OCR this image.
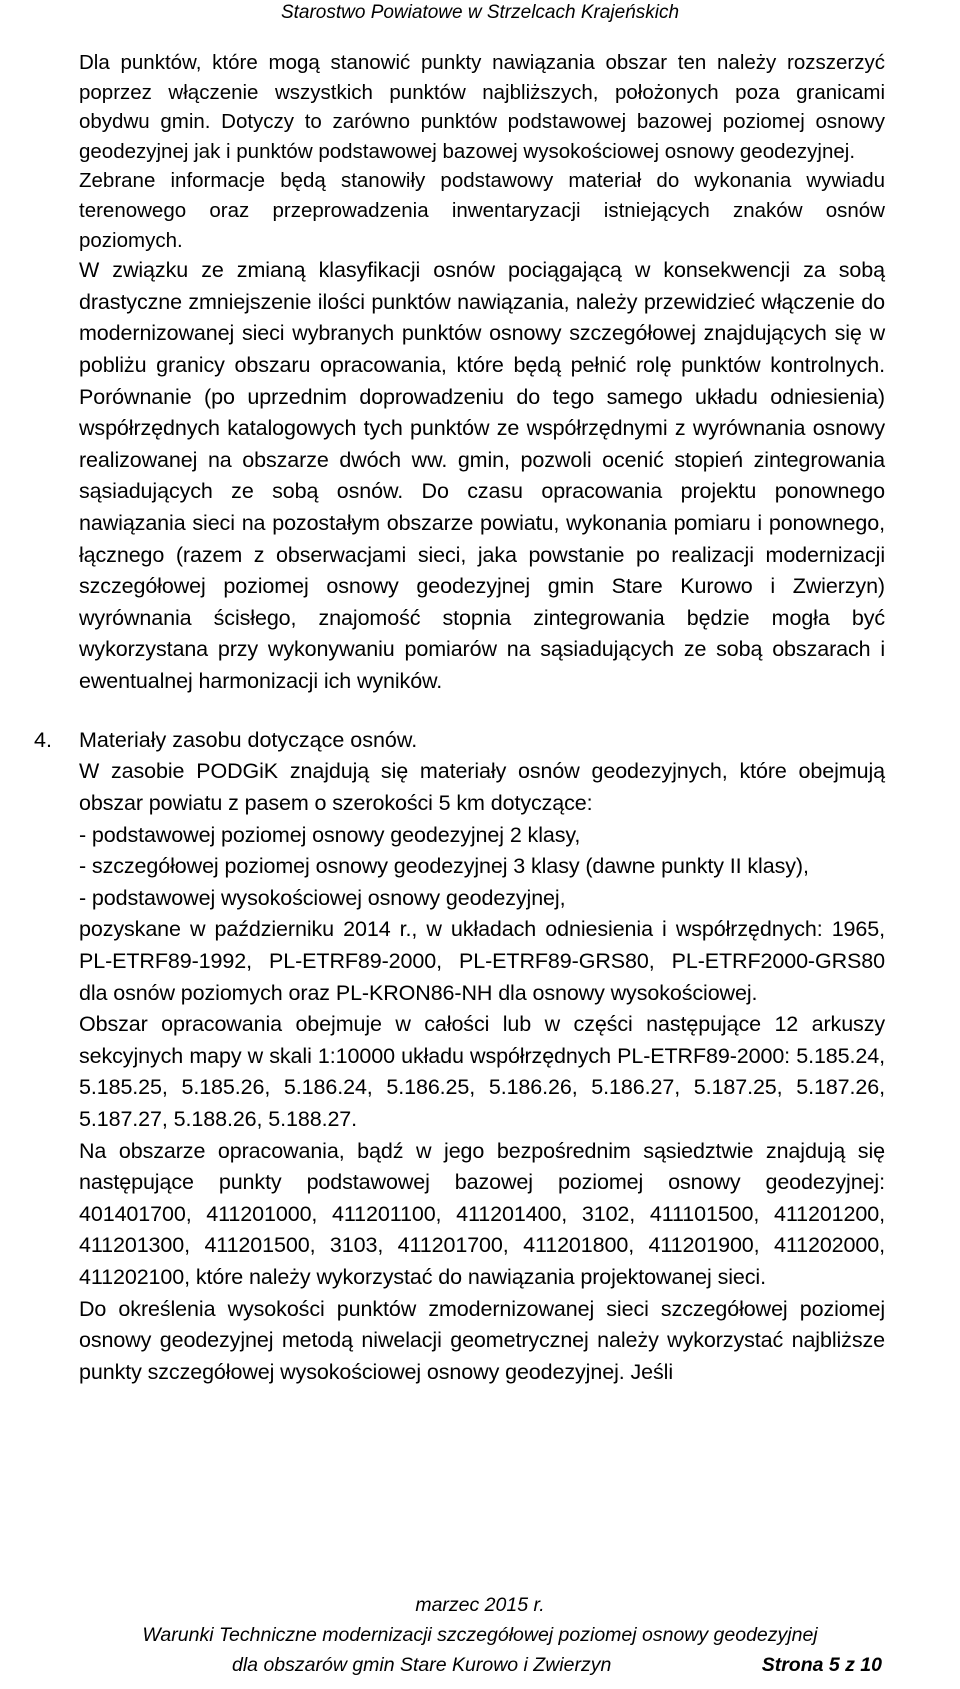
Starostwo Powiatowe w Strzelcach Krajeńskich

Dla punktów, które mogą stanowić punkty nawiązania obszar ten należy rozszerzyć poprzez włączenie wszystkich punktów najbliższych, położonych poza granicami obydwu gmin. Dotyczy to zarówno punktów podstawowej bazowej poziomej osnowy geodezyjnej jak i punktów podstawowej bazowej wysokościowej osnowy geodezyjnej.

Zebrane informacje będą stanowiły podstawowy materiał do wykonania wywiadu terenowego oraz przeprowadzenia inwentaryzacji istniejących znaków osnów poziomych.

W związku ze zmianą klasyfikacji osnów pociągającą w konsekwencji za sobą drastyczne zmniejszenie ilości punktów nawiązania, należy przewidzieć włączenie do modernizowanej sieci wybranych punktów osnowy szczegółowej znajdujących się w pobliżu granicy obszaru opracowania, które będą pełnić rolę punktów kontrolnych. Porównanie (po uprzednim doprowadzeniu do tego samego układu odniesienia) współrzędnych katalogowych tych punktów ze współrzędnymi z wyrównania osnowy realizowanej na obszarze dwóch ww. gmin, pozwoli ocenić stopień zintegrowania sąsiadujących ze sobą osnów. Do czasu opracowania projektu ponownego nawiązania sieci na pozostałym obszarze powiatu, wykonania pomiaru i ponownego, łącznego (razem z obserwacjami sieci, jaka powstanie po realizacji modernizacji szczegółowej poziomej osnowy geodezyjnej gmin Stare Kurowo i Zwierzyn) wyrównania ścisłego, znajomość stopnia zintegrowania będzie mogła być wykorzystana przy wykonywaniu pomiarów na sąsiadujących ze sobą obszarach i ewentualnej harmonizacji ich wyników.

4. Materiały zasobu dotyczące osnów.

W zasobie PODGiK znajdują się materiały osnów geodezyjnych, które obejmują obszar powiatu z pasem o szerokości 5 km dotyczące:

- podstawowej poziomej osnowy geodezyjnej 2 klasy,

- szczegółowej poziomej osnowy geodezyjnej 3 klasy (dawne punkty II klasy),

- podstawowej wysokościowej osnowy geodezyjnej,

pozyskane w październiku 2014 r., w układach odniesienia i współrzędnych: 1965, PL-ETRF89-1992, PL-ETRF89-2000, PL-ETRF89-GRS80, PL-ETRF2000-GRS80 dla osnów poziomych oraz PL-KRON86-NH dla osnowy wysokościowej.

Obszar opracowania obejmuje w całości lub w części następujące 12 arkuszy sekcyjnych mapy w skali 1:10000 układu współrzędnych PL-ETRF89-2000: 5.185.24, 5.185.25, 5.185.26, 5.186.24, 5.186.25, 5.186.26, 5.186.27, 5.187.25, 5.187.26, 5.187.27, 5.188.26, 5.188.27.

Na obszarze opracowania, bądź w jego bezpośrednim sąsiedztwie znajdują się następujące punkty podstawowej bazowej poziomej osnowy geodezyjnej: 401401700, 411201000, 411201100, 411201400, 3102, 411101500, 411201200, 411201300, 411201500, 3103, 411201700, 411201800, 411201900, 411202000, 411202100, które należy wykorzystać do nawiązania projektowanej sieci.

Do określenia wysokości punktów zmodernizowanej sieci szczegółowej poziomej osnowy geodezyjnej metodą niwelacji geometrycznej należy wykorzystać najbliższe punkty szczegółowej wysokościowej osnowy geodezyjnej. Jeśli

marzec 2015 r.
Warunki Techniczne modernizacji szczegółowej poziomej osnowy geodezyjnej
dla obszarów gmin Stare Kurowo i Zwierzyn	Strona 5 z 10
